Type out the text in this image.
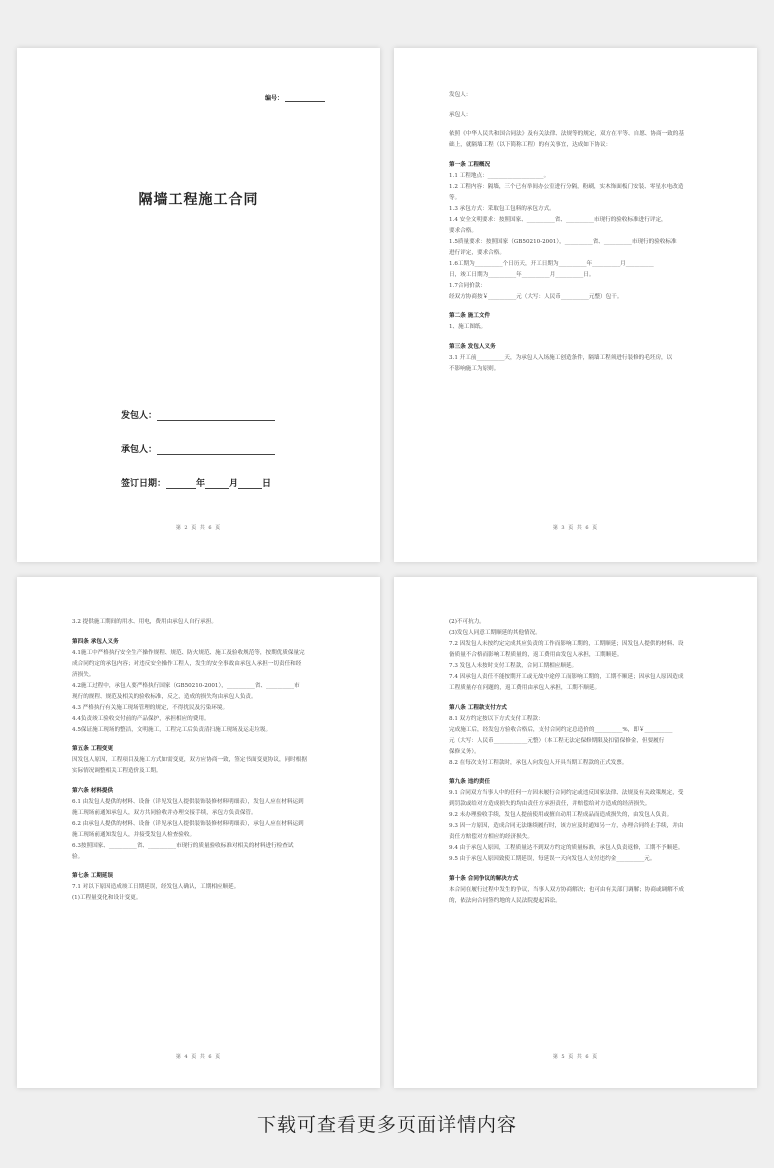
编号：
隔墙工程施工合同
发包人：
承包人：
签订日期：	年	月	日
第 2 页 共 6 页

发包人：

承包人：

依照《中华人民共和国合同法》及有关法律、法规等的规定，双方在平等、自愿、协商一致的基

础上，就隔墙工程（以下简称工程）的有关事宜，达成如下协议：

第一条 工程概况

1.1 工程地点：____________________。

1.2 工程内容：隔墙，三个已有举间办公室进行分隔，粉刷，实木饰面板门安装、零星水电改造

等。

1.3 承包方式：采取包工包料的承包方式。

1.4 安全文明要求：按照国家、__________省、__________市现行的验收标准进行评定，

要求合格。

1.5质量要求：按照国家（GB50210-2001），__________省、__________市现行的验收标准

进行评定，要求合格。

1.6工期为__________个日历天，开工日期为__________年__________月__________

日，竣工日期为__________年__________月__________日。

1.7合同价款：

经双方协商按￥__________元（大写：人民币__________元整）包干。

第二条 施工文件

1、施工图纸。

第三条 发包人义务

3.1 开工前__________天，为承包人入场施工创造条件，隔墙工程须进行装修的毛坯房，以

不影响施工为原则。

第 3 页 共 6 页

3.2 提供施工期间的用水、用电，费用由承包人自行承担。

第四条 承包人义务

4.1施工中严格执行安全生产操作规程、规范、防火规范、施工及验收规范等，按期优质保量完

成合同约定的承包内容；对违反安全操作工程人，发生的安全事故由承包人承担一切责任和经

济损失。

4.2施工过程中，承包人要严格执行国家（GB50210-2001），__________省、__________市

现行的规程、规范及相关的验收标准，反之，造成的损失均由承包人负责。

4.3 严格执行有关施工现场管理的规定，不得扰民及污染环境。

4.4负责竣工验收交付前的产品保护，承担相应的费用。

4.5保证施工现场的整洁，文明施工，工程完工后负责清扫施工现场及运走垃圾。

第五条 工程变更

因发包人原因，工程项目及施工方式如需变更，双方应协商一致，签定书面变更协议，同时根据

实际情况调整相关工程造价及工期。

第六条 材料提供

6.1 由发包人提供的材料、设备（详见发包人提供装饰装修材料明细表），发包人应在材料运到

施工现场前通知承包人，双方共同验收并办理交接手续，承包方负责保管。

6.2 由承包人提供的材料、设备（详见承包人提供装饰装修材料明细表），承包人应在材料运到

施工现场前通知发包人，并接受发包人检查验收。

6.3按照国家、__________省、__________市现行的质量验收标准对相关的材料进行检查试

验。

第七条 工期延误

7.1 对以下原因造成竣工日期延误，经发包人确认，工期相应顺延。

(1)工程量变化和设计变更。

第 4 页 共 6 页

(2)不可抗力。

(3)发包人同意工期顺延的其他情况。

7.2 因发包人未按约定完成其应负责的工作而影响工期的，工期顺延；因发包人提供的材料、设

备质量不合格而影响工程质量的，返工费用由发包人承担，工期顺延。

7.3 发包人未按时支付工程款，合同工期相应顺延。

7.4 因承包人责任不能按期开工或无故中途停工而影响工期的，工期不顺延；因承包人原因造成

工程质量存在问题的，返工费用由承包人承担，工期不顺延。

第八条 工程款支付方式

8.1 双方约定按以下方式支付工程款：

完成施工后，经发包方验收合格后，支付合同约定总造价的__________%，即￥__________

元（大写：人民币____________元整）（本工程无法定保修期限及扣留保修金，但要履行

保修义务）。

8.2 在每次支付工程款时，承包人向发包人开具当期工程款的正式发票。

第九条 违约责任

9.1 合同双方当事人中的任何一方因未履行合同约定或违反国家法律、法规及有关政策规定，受

到罚款或给对方造成损失的均由责任方承担责任，并赔偿给对方造成的经济损失。

9.2 未办理验收手续，发包人提前使用或擅自动用工程成品而造成损失的，由发包人负责。

9.3 因一方原因，造成合同无法继续履行时，该方应及时通知另一方，办理合同终止手续，并由

责任方赔偿对方相应的经济损失。

9.4 由于承包人原因，工程质量达不到双方约定的质量标准，承包人负责返修，工期不予顺延。

9.5 由于承包人原因致使工期延误，每延误一天向发包人支付违约金__________元。

第十条 合同争议的解决方式

本合同在履行过程中发生的争议，当事人双方协商解决；也可由有关部门调解；协商或调解不成

的，依法向合同签约地的人民法院提起诉讼。

第 5 页 共 6 页
下载可查看更多页面详情内容
